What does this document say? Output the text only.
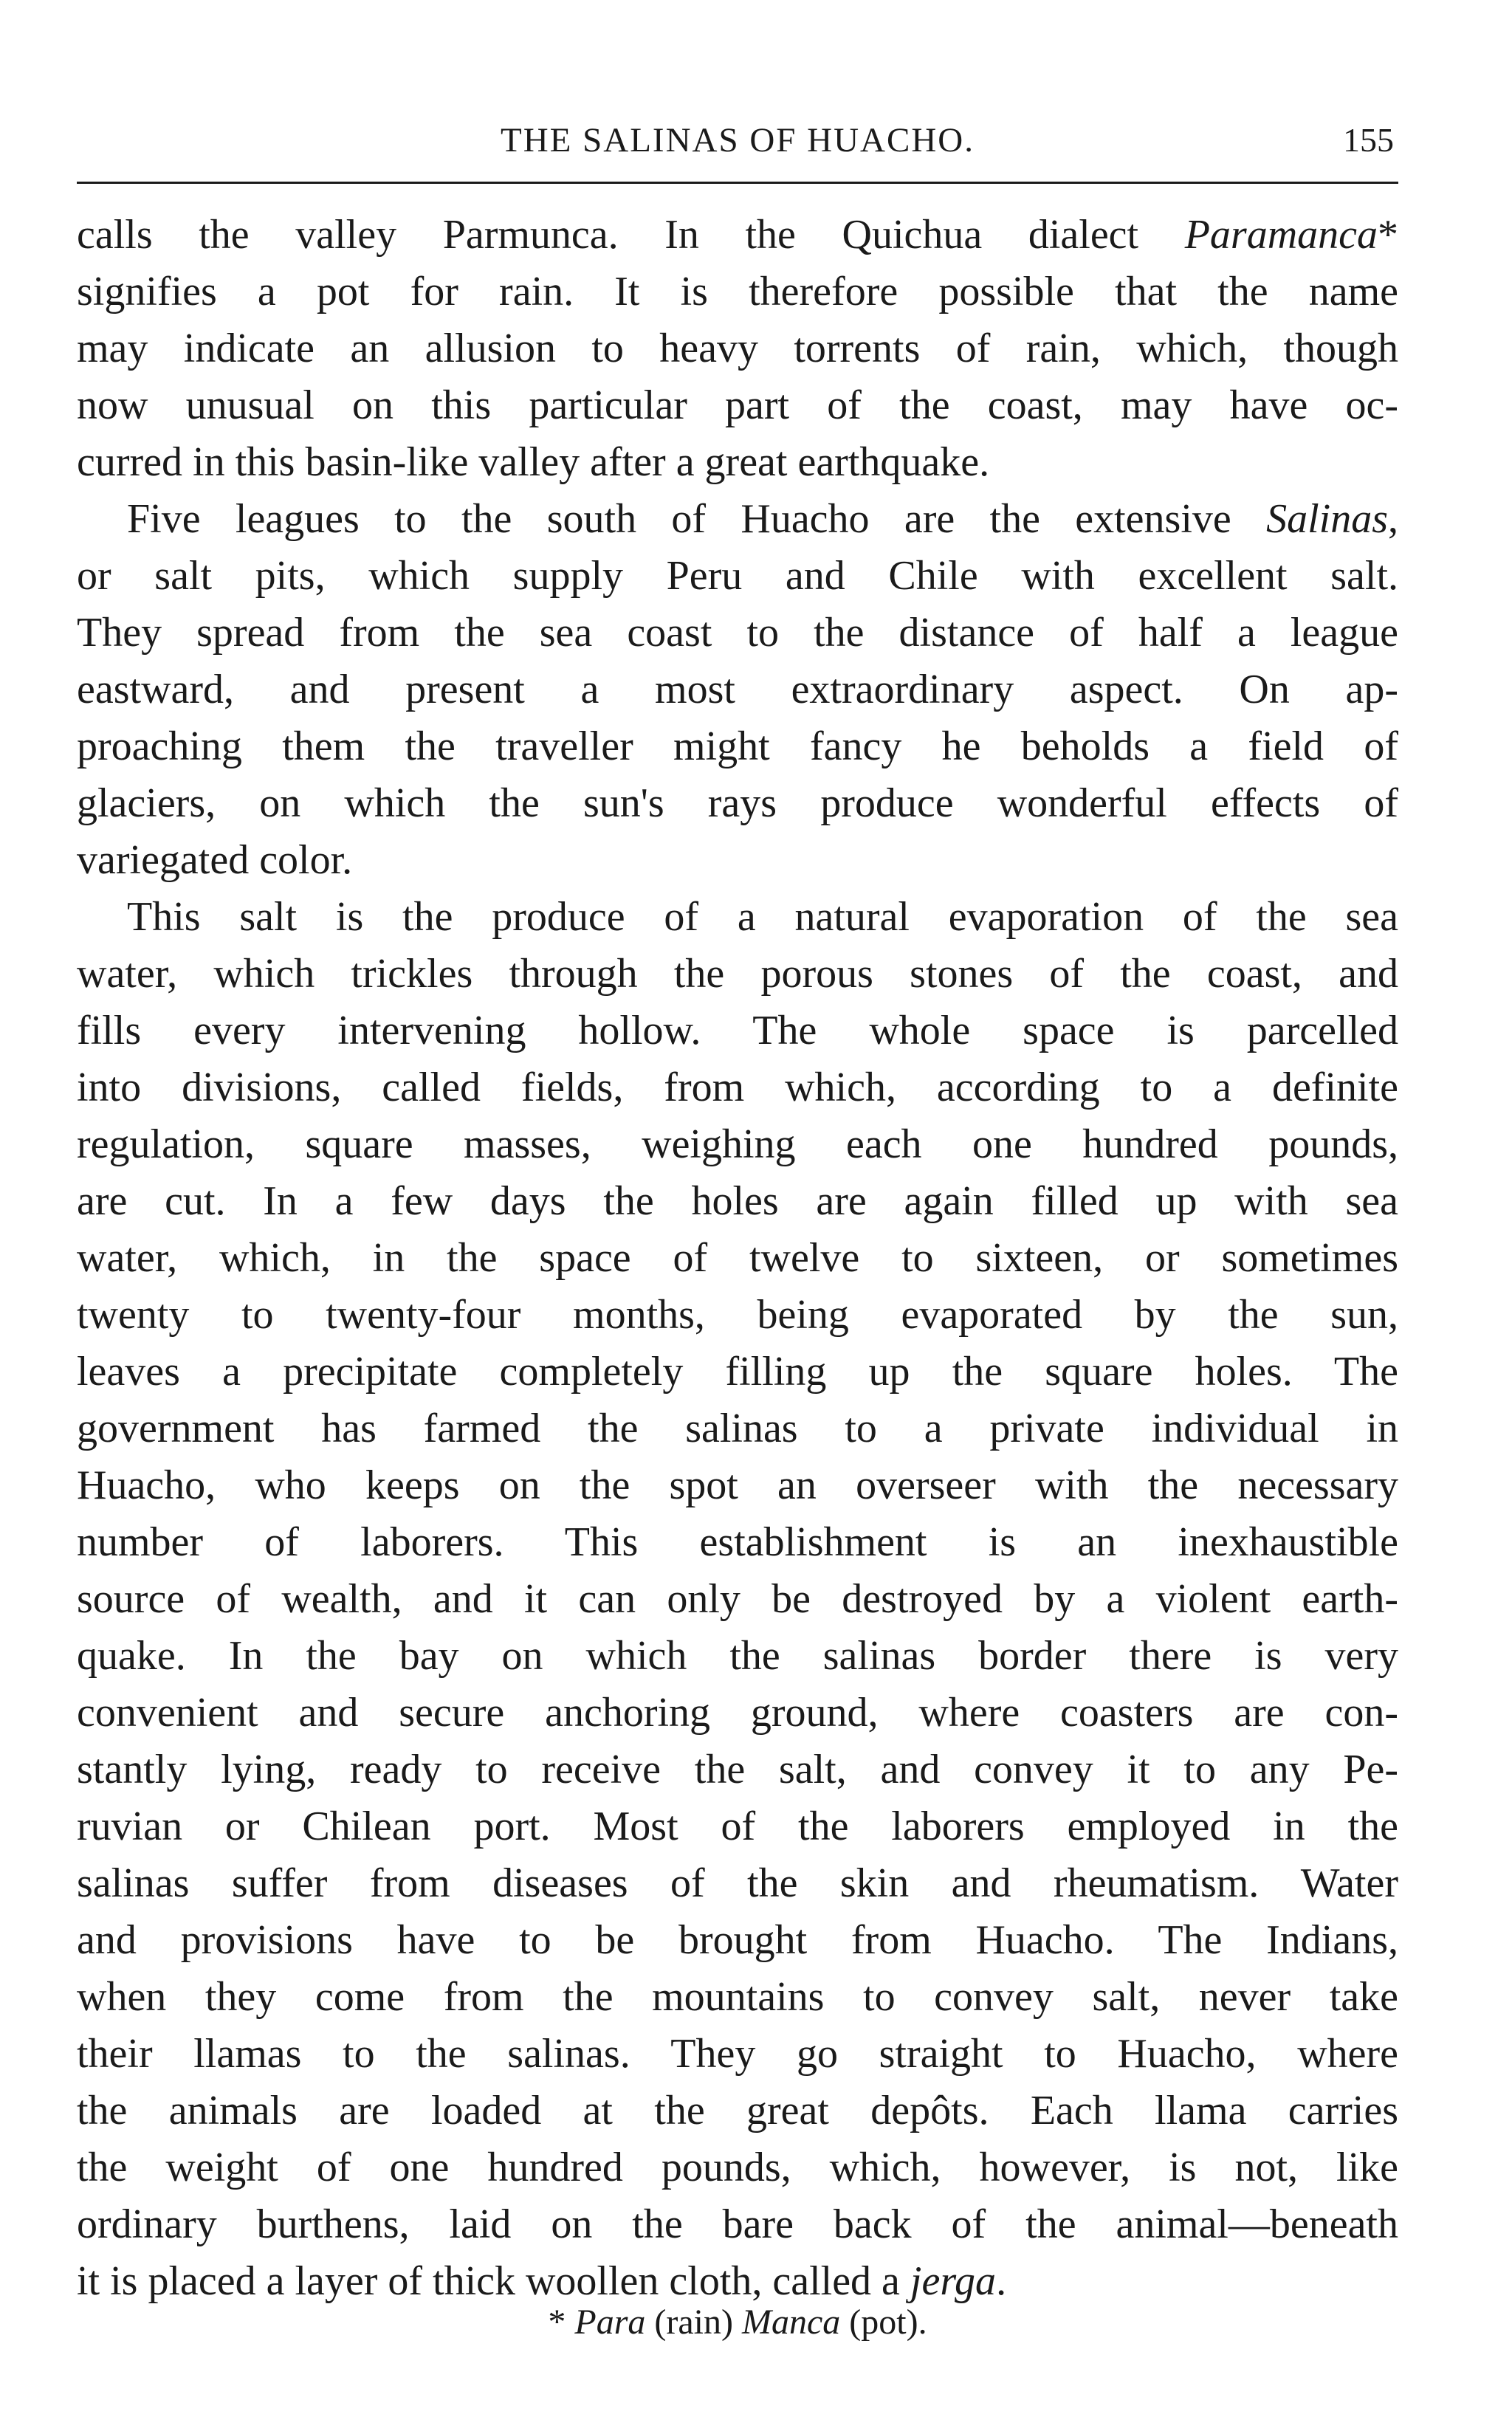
THE SALINAS OF HUACHO.	155
calls the valley Parmunca. In the Quichua dialect Paramanca*
signifies a pot for rain. It is therefore possible that the name
may indicate an allusion to heavy torrents of rain, which, though
now unusual on this particular part of the coast, may have oc-
curred in this basin-like valley after a great earthquake.
Five leagues to the south of Huacho are the extensive Salinas,
or salt pits, which supply Peru and Chile with excellent salt.
They spread from the sea coast to the distance of half a league
eastward, and present a most extraordinary aspect. On ap-
proaching them the traveller might fancy he beholds a field of
glaciers, on which the sun's rays produce wonderful effects of
variegated color.
This salt is the produce of a natural evaporation of the sea
water, which trickles through the porous stones of the coast, and
fills every intervening hollow. The whole space is parcelled
into divisions, called fields, from which, according to a definite
regulation, square masses, weighing each one hundred pounds,
are cut. In a few days the holes are again filled up with sea
water, which, in the space of twelve to sixteen, or sometimes
twenty to twenty-four months, being evaporated by the sun,
leaves a precipitate completely filling up the square holes. The
government has farmed the salinas to a private individual in
Huacho, who keeps on the spot an overseer with the necessary
number of laborers. This establishment is an inexhaustible
source of wealth, and it can only be destroyed by a violent earth-
quake. In the bay on which the salinas border there is very
convenient and secure anchoring ground, where coasters are con-
stantly lying, ready to receive the salt, and convey it to any Pe-
ruvian or Chilean port. Most of the laborers employed in the
salinas suffer from diseases of the skin and rheumatism. Water
and provisions have to be brought from Huacho. The Indians,
when they come from the mountains to convey salt, never take
their llamas to the salinas. They go straight to Huacho, where
the animals are loaded at the great depôts. Each llama carries
the weight of one hundred pounds, which, however, is not, like
ordinary burthens, laid on the bare back of the animal—beneath
it is placed a layer of thick woollen cloth, called a jerga.
* Para (rain) Manca (pot).
